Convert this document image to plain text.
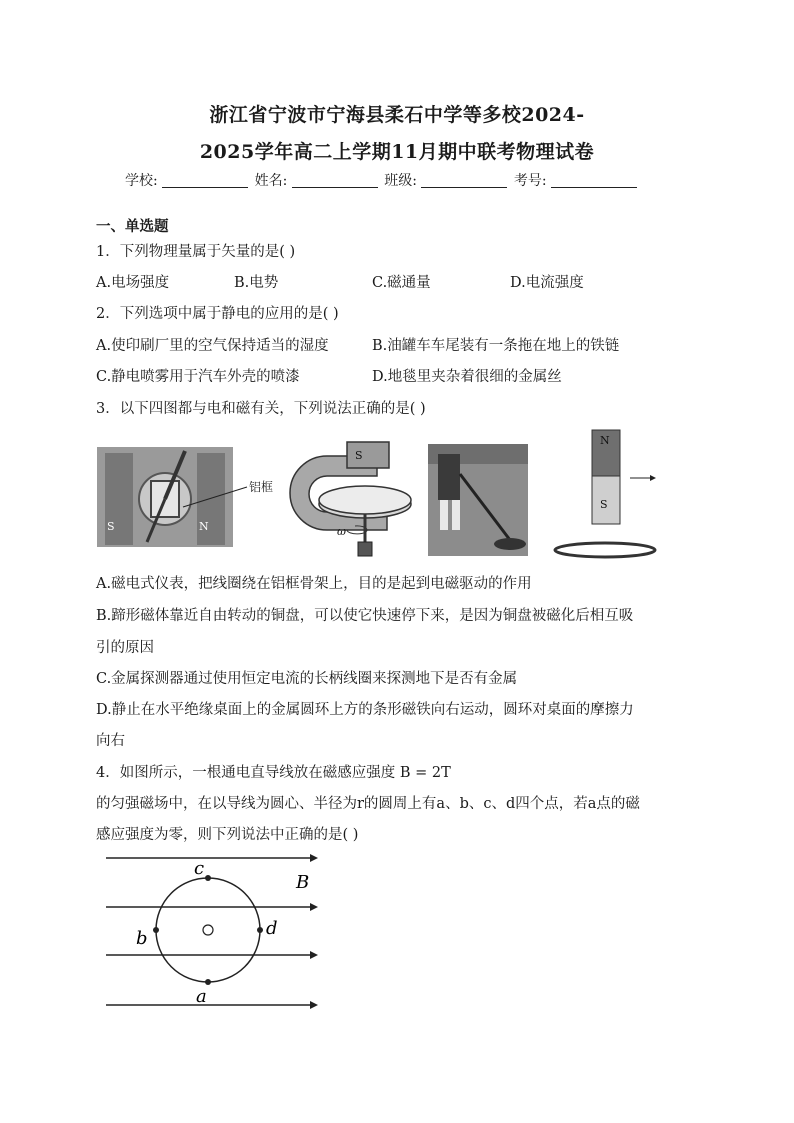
浙江省宁波市宁海县柔石中学等多校2024-
2025学年高二上学期11月期中联考物理试卷
学校:	姓名:	班级:	考号:
一、单选题
1．下列物理量属于矢量的是( )
A.电场强度	B.电势	C.磁通量	D.电流强度
2．下列选项中属于静电的应用的是( )
A.使印刷厂里的空气保持适当的湿度	B.油罐车车尾装有一条拖在地上的铁链
C.静电喷雾用于汽车外壳的喷漆	D.地毯里夹杂着很细的金属丝
3．以下四图都与电和磁有关，下列说法正确的是( )
S	N
铝框
S
ω
N
S
A.磁电式仪表，把线圈绕在铝框骨架上，目的是起到电磁驱动的作用
B.蹄形磁体靠近自由转动的铜盘，可以使它快速停下来，是因为铜盘被磁化后相互吸
引的原因
C.金属探测器通过使用恒定电流的长柄线圈来探测地下是否有金属
D.静止在水平绝缘桌面上的金属圆环上方的条形磁铁向右运动，圆环对桌面的摩擦力
向右
4．如图所示，一根通电直导线放在磁感应强度 B = 2T
的匀强磁场中，在以导线为圆心、半径为r的圆周上有a、b、c、d四个点，若a点的磁
感应强度为零，则下列说法中正确的是( )
c
b	d
a
B
